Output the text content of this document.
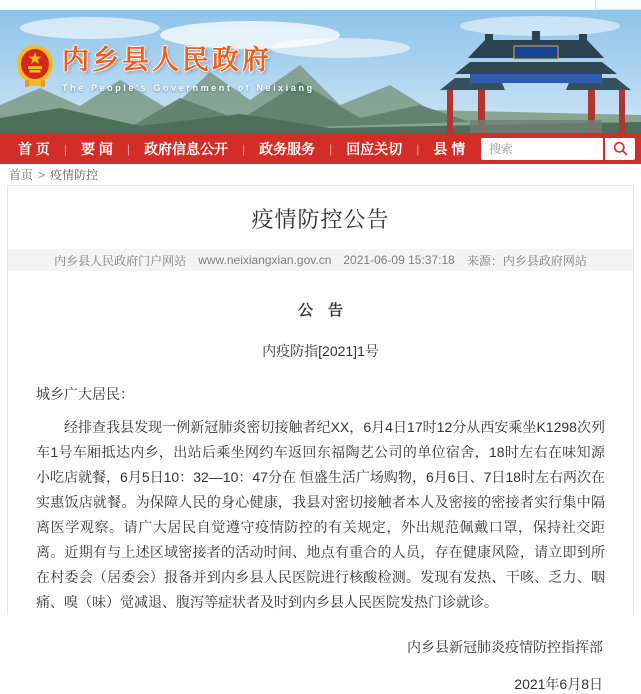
内乡县人民政府
The People's Government of Neixiang
首 页	|	要 闻	|	政府信息公开	|	政务服务	|	回应关切	|	县 情
搜索
首页 > 疫情防控
疫情防控公告
内乡县人民政府门户网站 www.neixiangxian.gov.cn 2021-06-09 15:37:18 来源：内乡县政府网站
公　告
内疫防指[2021]1号
城乡广大居民：

经排查我县发现一例新冠肺炎密切接触者纪XX，6月4日17时12分从西安乘坐K1298次列车1号车厢抵达内乡，出站后乘坐网约车返回东福陶艺公司的单位宿舍，18时左右在味知源小吃店就餐，6月5日10：32—10：47分在 恒盛生活广场购物，6月6日、7日18时左右两次在实惠饭店就餐。为保障人民的身心健康，我县对密切接触者本人及密接的密接者实行集中隔离医学观察。请广大居民自觉遵守疫情防控的有关规定，外出规范佩戴口罩，保持社交距离。近期有与上述区域密接者的活动时间、地点有重合的人员，存在健康风险，请立即到所在村委会（居委会）报备并到内乡县人民医院进行核酸检测。发现有发热、干咳、乏力、咽痛、嗅（味）觉减退、腹泻等症状者及时到内乡县人民医院发热门诊就诊。

内乡县新冠肺炎疫情防控指挥部
2021年6月8日
